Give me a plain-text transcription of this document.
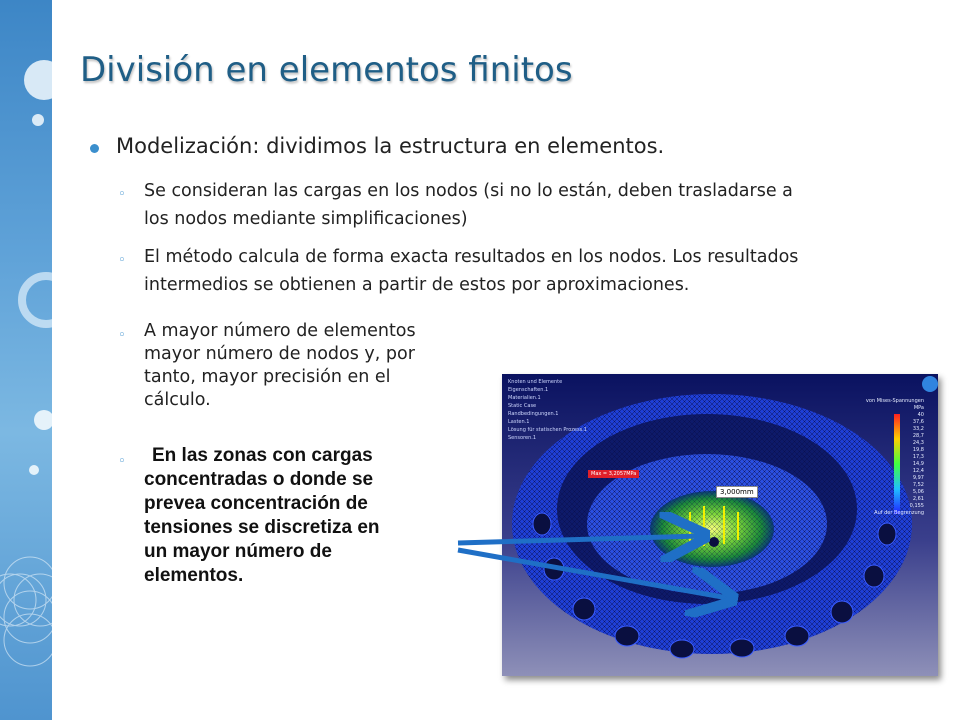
División en elementos finitos
Modelización: dividimos la estructura en elementos.
◦ Se consideran las cargas en los nodos (si no lo están, deben trasladarse a
los nodos mediante simplificaciones)
◦ El método calcula de forma exacta resultados en los nodos. Los resultados
intermedios se obtienen a partir de estos por aproximaciones.
◦ A mayor número de elementos
mayor número de nodos y, por
tanto, mayor precisión en el
cálculo.
◦	En las zonas con cargas
concentradas o donde se
prevea concentración de
tensiones se discretiza en
un mayor número de
elementos.
Knoten und Elemente
Eigenschaften.1
Materialien.1
Static Case
Randbedingungen.1
Lasten.1
Lösung für statischen Prozess.1
Sensoren.1
von Mises-Spannungen
MPa
40
37,6
33,2
28,7
24,3
19,8
17,3
14,9
12,4
9,97
7,52
5,06
2,61
0,155
Auf der Begrenzung
Max = 3,2057MPa
3,000mm
